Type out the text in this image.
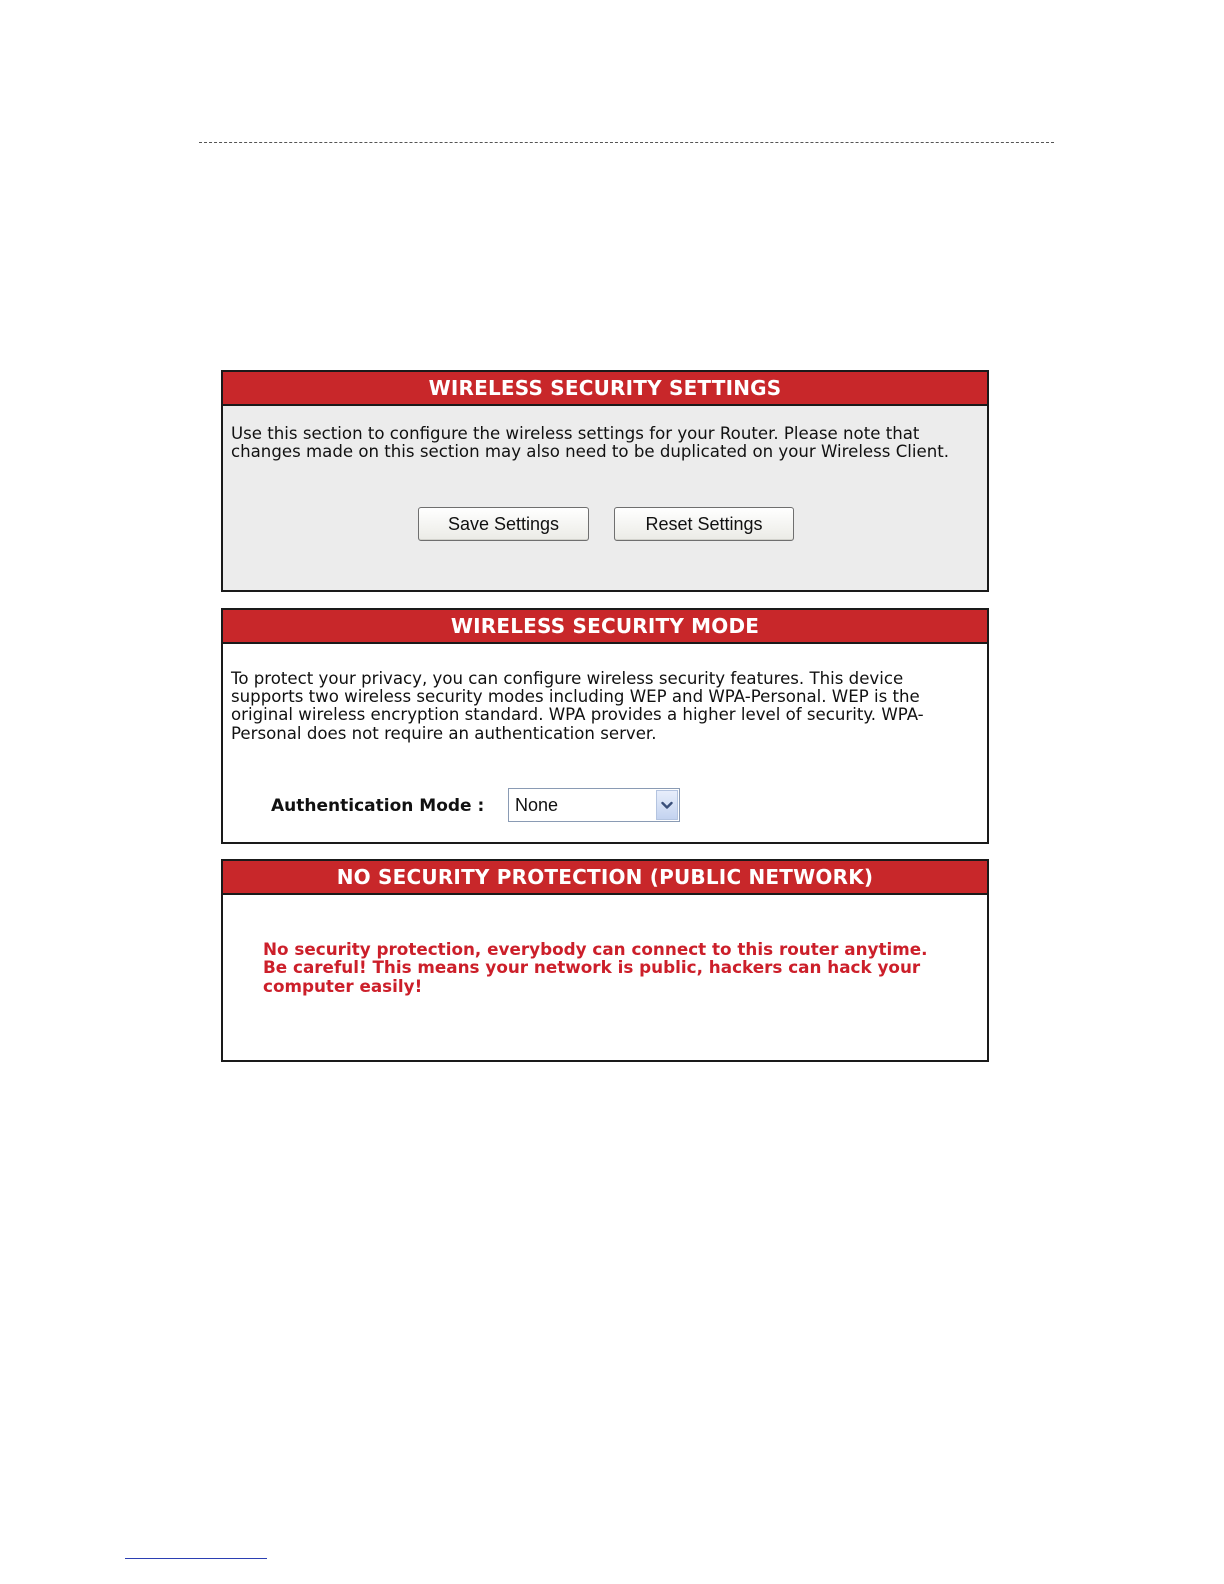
WIRELESS SECURITY SETTINGS
Use this section to configure the wireless settings for your Router. Please note that changes made on this section may also need to be duplicated on your Wireless Client.
Save Settings	Reset Settings
WIRELESS SECURITY MODE
To protect your privacy, you can configure wireless security features. This device supports two wireless security modes including WEP and WPA-Personal. WEP is the original wireless encryption standard. WPA provides a higher level of security. WPA-Personal does not require an authentication server.
Authentication Mode : None
NO SECURITY PROTECTION (PUBLIC NETWORK)
No security protection, everybody can connect to this router anytime. Be careful! This means your network is public, hackers can hack your computer easily!
